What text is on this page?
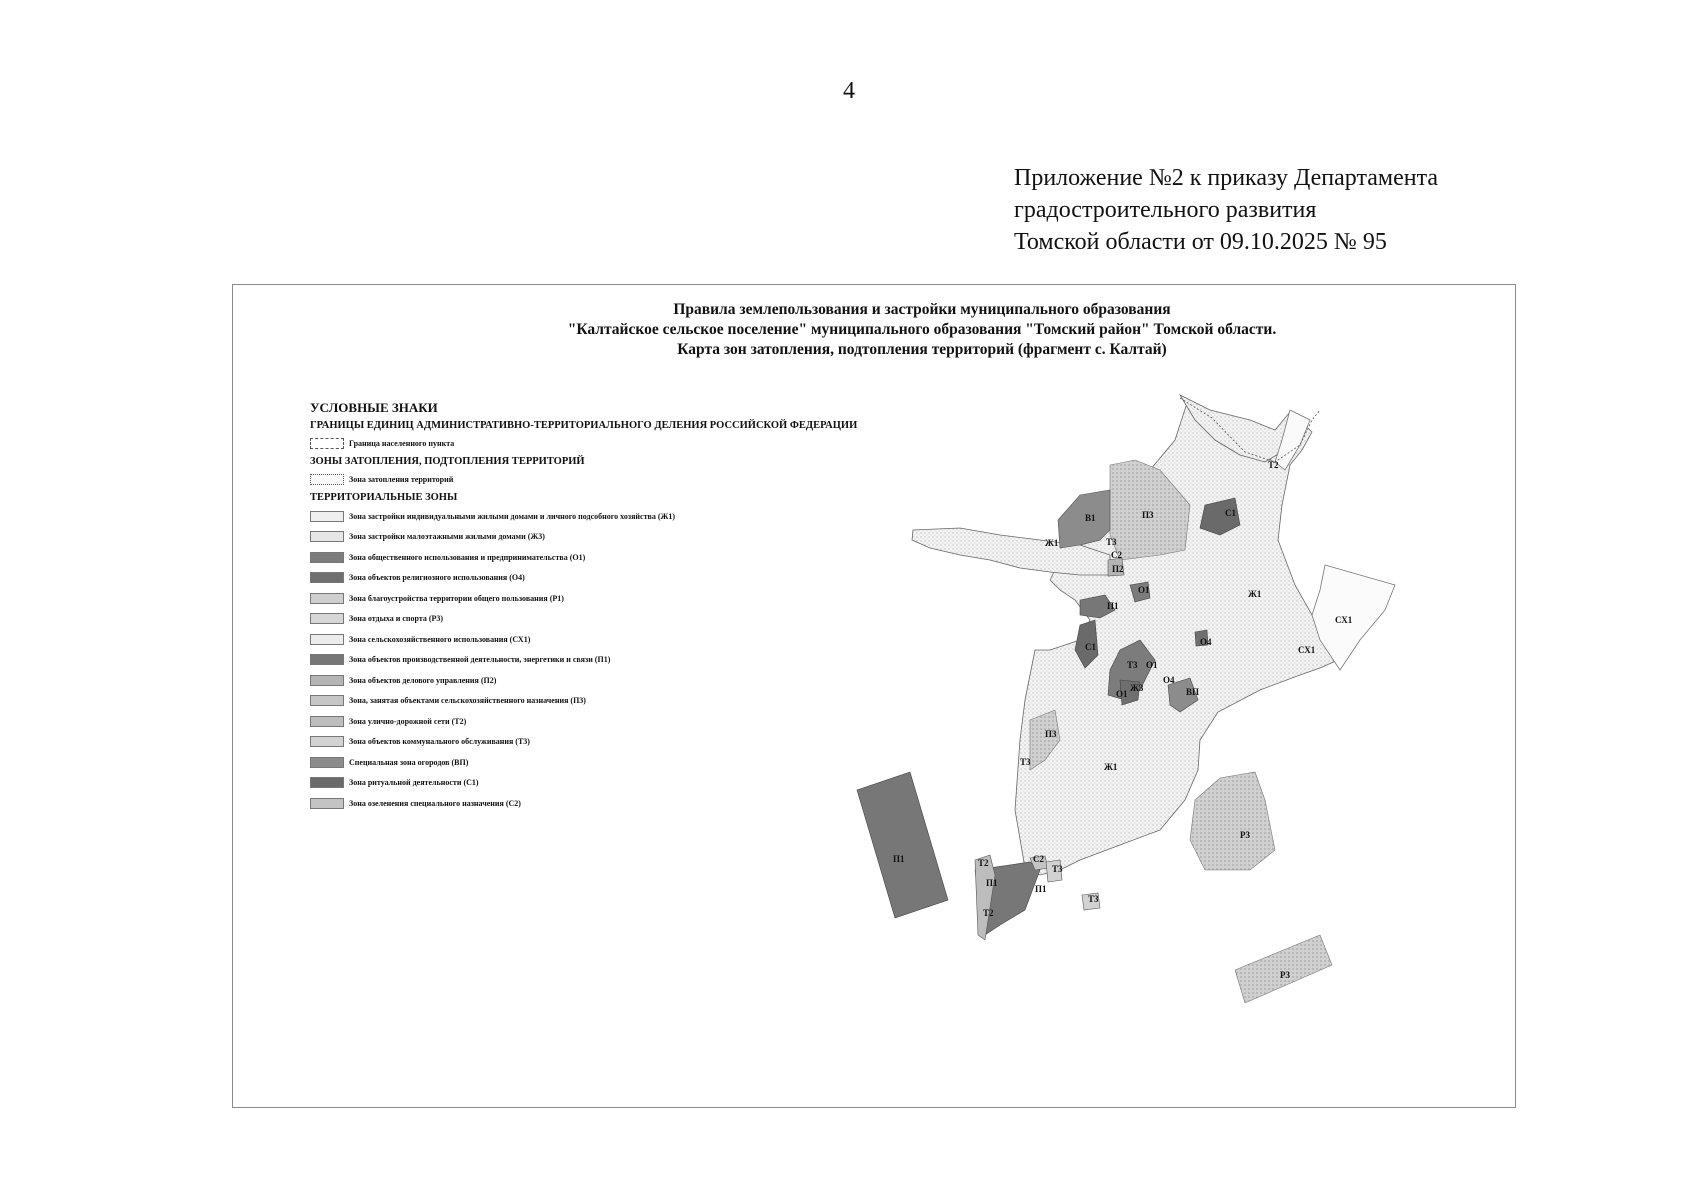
4
Приложение №2 к приказу Департамента
градостроительного развития
Томской области от 09.10.2025 № 95
Правила землепользования и застройки муниципального образования
"Калтайское сельское поселение" муниципального образования "Томский район" Томской области.
Карта зон затопления, подтопления территорий (фрагмент с. Калтай)
УСЛОВНЫЕ ЗНАКИ
ГРАНИЦЫ ЕДИНИЦ АДМИНИСТРАТИВНО-ТЕРРИТОРИАЛЬНОГО ДЕЛЕНИЯ РОССИЙСКОЙ ФЕДЕРАЦИИ
Граница населенного пункта
ЗОНЫ ЗАТОПЛЕНИЯ, ПОДТОПЛЕНИЯ ТЕРРИТОРИЙ
Зона затопления территорий
ТЕРРИТОРИАЛЬНЫЕ ЗОНЫ
Зона застройки индивидуальными жилыми домами и личного подсобного хозяйства (Ж1)
Зона застройки малоэтажными жилыми домами (Ж3)
Зона общественного использования и предпринимательства (О1)
Зона объектов религиозного использования (О4)
Зона благоустройства территории общего пользования (Р1)
Зона отдыха и спорта (Р3)
Зона сельскохозяйственного использования (СХ1)
Зона объектов производственной деятельности, энергетики и связи (П1)
Зона объектов делового управления (П2)
Зона, занятая объектами сельскохозяйственного назначения (П3)
Зона улично-дорожной сети (Т2)
Зона объектов коммунального обслуживания (Т3)
Специальная зона огородов (ВП)
Зона ритуальной деятельности (С1)
Зона озеленения специального назначения (С2)
Т2
П3	С1
В1
Ж1	Т3
С2
П2
О1	Ж1
П1
О4
СХ1
СХ1
С1
Т3 О1
О4
Ж3	ВП
О1
П3
Т3	Ж1
Р3
П1	Т2	С2
Т3
П1
П1
Т3
Т2
Р3
